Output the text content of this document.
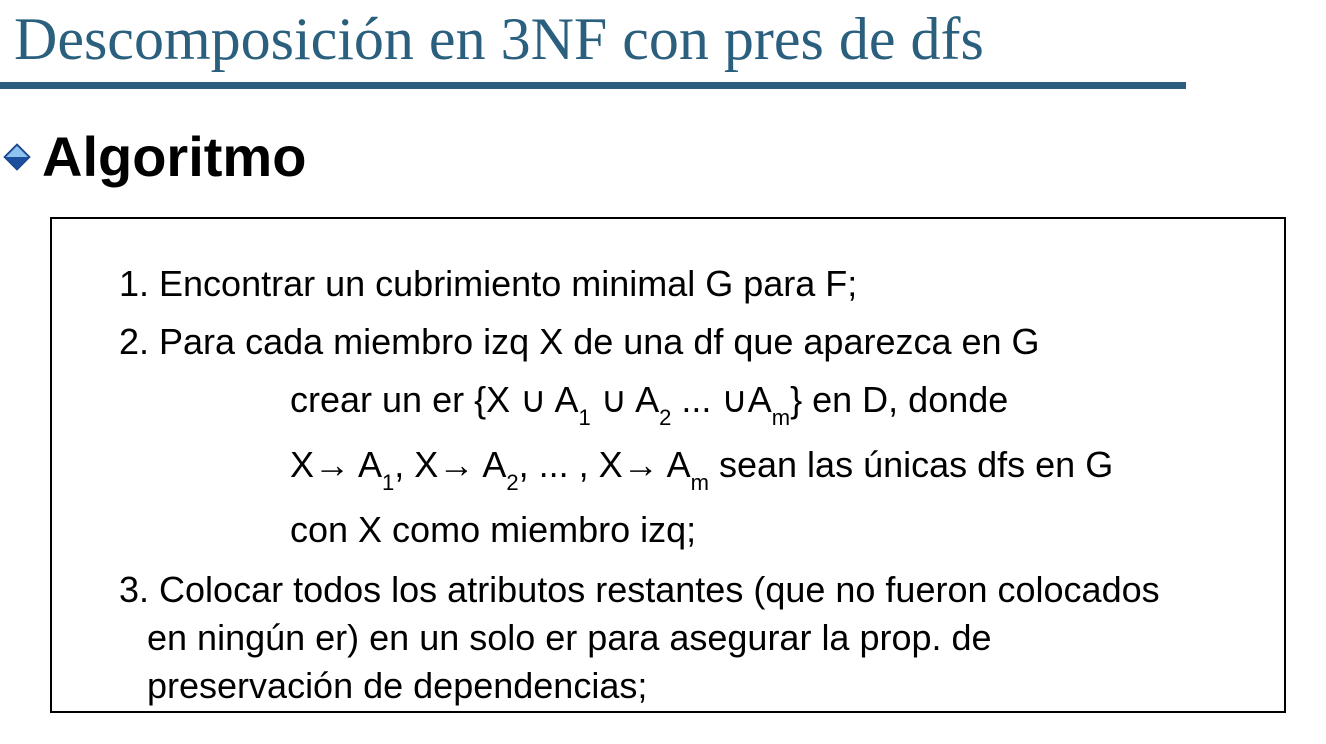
Descomposición en 3NF con pres de dfs
Algoritmo
1. Encontrar un cubrimiento minimal G para F;
2. Para cada miembro izq X de una df que aparezca en G
crear un er {X ∪ $A_1$ ∪ $A_2$ ... $\cup A_m$} en D, donde
$X\to A_1$, $X\to A_2$, ... , $X\to A_m$ sean las únicas dfs en G
con X como miembro izq;
3. Colocar todos los atributos restantes (que no fueron colocados
en ningún er) en un solo er para asegurar la prop. de
preservación de dependencias;
